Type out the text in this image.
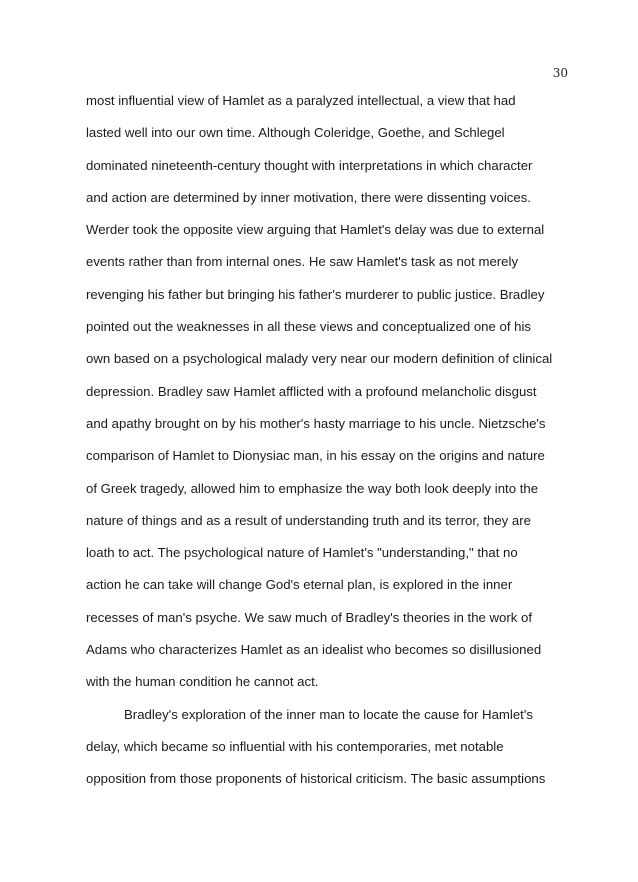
30
most influential view of Hamlet as a paralyzed intellectual, a view that had
lasted well into our own time. Although Coleridge, Goethe, and Schlegel
dominated nineteenth-century thought with interpretations in which character
and action are determined by inner motivation, there were dissenting voices.
Werder took the opposite view arguing that Hamlet's delay was due to external
events rather than from internal ones. He saw Hamlet's task as not merely
revenging his father but bringing his father's murderer to public justice. Bradley
pointed out the weaknesses in all these views and conceptualized one of his
own based on a psychological malady very near our modern definition of clinical
depression. Bradley saw Hamlet afflicted with a profound melancholic disgust
and apathy brought on by his mother's hasty marriage to his uncle. Nietzsche's
comparison of Hamlet to Dionysiac man, in his essay on the origins and nature
of Greek tragedy, allowed him to emphasize the way both look deeply into the
nature of things and as a result of understanding truth and its terror, they are
loath to act. The psychological nature of Hamlet's "understanding," that no
action he can take will change God's eternal plan, is explored in the inner
recesses of man's psyche. We saw much of Bradley's theories in the work of
Adams who characterizes Hamlet as an idealist who becomes so disillusioned
with the human condition he cannot act.
Bradley's exploration of the inner man to locate the cause for Hamlet's
delay, which became so influential with his contemporaries, met notable
opposition from those proponents of historical criticism. The basic assumptions
